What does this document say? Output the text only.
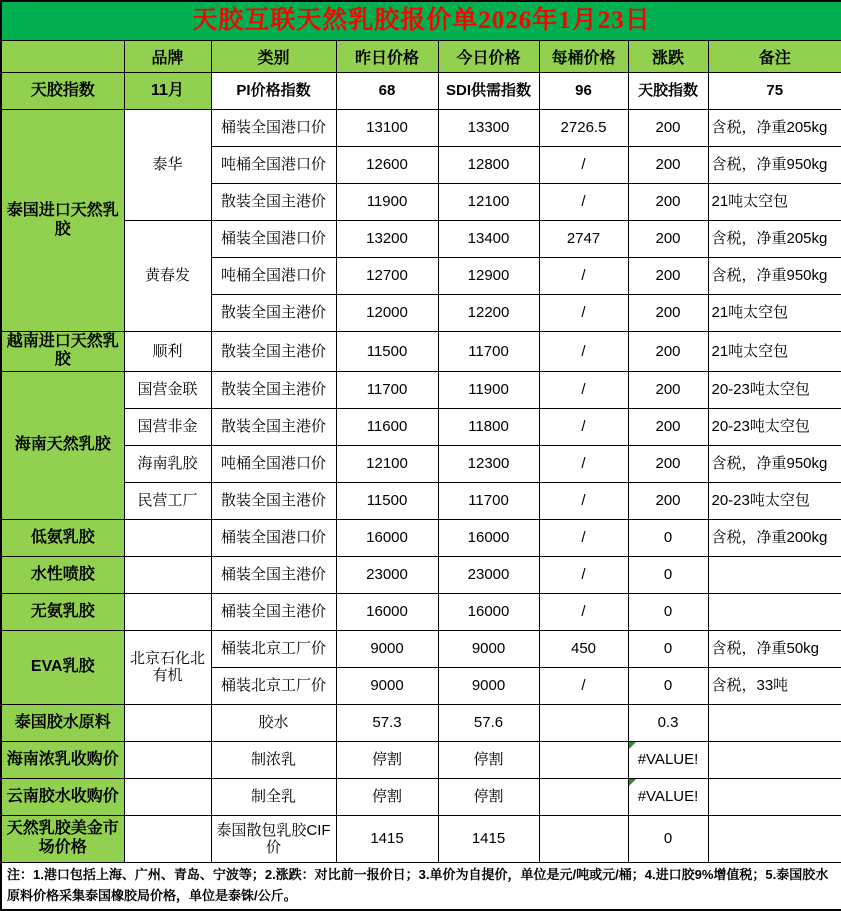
天胶互联天然乳胶报价单2026年1月23日							
	品牌	类别	昨日价格	今日价格	每桶价格	涨跌	备注
天胶指数	11月	PI价格指数	68	SDI供需指数	96	天胶指数	75
泰国进口天然乳胶	泰华	桶装全国港口价	13100	13300	2726.5	200	含税，净重205kg
		吨桶全国港口价	12600	12800	/	200	含税，净重950kg
		散装全国主港价	11900	12100	/	200	21吨太空包
	黄春发	桶装全国港口价	13200	13400	2747	200	含税，净重205kg
		吨桶全国港口价	12700	12900	/	200	含税，净重950kg
		散装全国主港价	12000	12200	/	200	21吨太空包
越南进口天然乳胶	顺利	散装全国主港价	11500	11700	/	200	21吨太空包
海南天然乳胶	国营金联	散装全国主港价	11700	11900	/	200	20-23吨太空包
	国营非金	散装全国主港价	11600	11800	/	200	20-23吨太空包
	海南乳胶	吨桶全国港口价	12100	12300	/	200	含税，净重950kg
	民营工厂	散装全国主港价	11500	11700	/	200	20-23吨太空包
低氨乳胶		桶装全国港口价	16000	16000	/	0	含税，净重200kg
水性喷胶		桶装全国主港价	23000	23000	/	0	
无氨乳胶		桶装全国主港价	16000	16000	/	0	
EVA乳胶	北京石化北有机	桶装北京工厂价	9000	9000	450	0	含税，净重50kg
		桶装北京工厂价	9000	9000	/	0	含税，33吨
泰国胶水原料		胶水	57.3	57.6		0.3	
海南浓乳收购价		制浓乳	停割	停割		#VALUE!	
云南胶水收购价		制全乳	停割	停割		#VALUE!	
天然乳胶美金市场价格		泰国散包乳胶CIF价	1415	1415		0	
注：1.港口包括上海、广州、青岛、宁波等；2.涨跌：对比前一报价日；3.单价为自提价，单位是元/吨或元/桶；4.进口胶9%增值税；5.泰国胶水原料价格采集泰国橡胶局价格，单位是泰铢/公斤。							
